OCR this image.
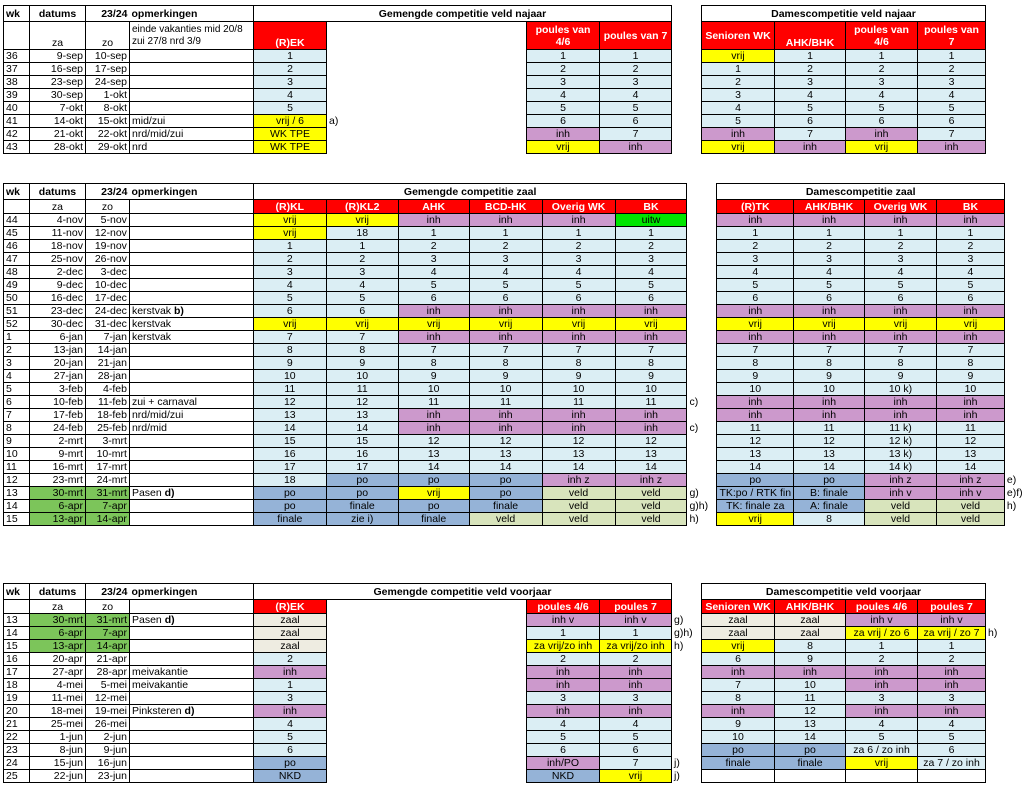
wk	datums	23/24	opmerkingen	Gemengde competitie veld najaar						Damescompetitie veld najaar			
	za	zo	einde vakanties mid 20/8 zui 27/8 nrd 3/9	(R)EK			poules van 4/6	poules van 7		Senioren WK	AHK/BHK	poules van 4/6	poules van 7
36	9-sep	10-sep		1			1	1		vrij	1	1	1
37	16-sep	17-sep		2			2	2		1	2	2	2
38	23-sep	24-sep		3			3	3		2	3	3	3
39	30-sep	1-okt		4			4	4		3	4	4	4
40	7-okt	8-okt		5			5	5		4	5	5	5
41	14-okt	15-okt	mid/zui	vrij / 6	a)		6	6		5	6	6	6
42	21-okt	22-okt	nrd/mid/zui	WK TPE			inh	7		inh	7	inh	7
43	28-okt	29-okt	nrd	WK TPE			vrij	inh		vrij	inh	vrij	inh
wk	datums	23/24	opmerkingen	Gemengde competitie zaal							Damescompetitie zaal				
	za	zo		(R)KL	(R)KL2	AHK	BCD-HK	Overig WK	BK		(R)TK	AHK/BHK	Overig WK	BK	
44	4-nov	5-nov		vrij	vrij	inh	inh	inh	uitw		inh	inh	inh	inh	
45	11-nov	12-nov		vrij	18	1	1	1	1		1	1	1	1	
46	18-nov	19-nov		1	1	2	2	2	2		2	2	2	2	
47	25-nov	26-nov		2	2	3	3	3	3		3	3	3	3	
48	2-dec	3-dec		3	3	4	4	4	4		4	4	4	4	
49	9-dec	10-dec		4	4	5	5	5	5		5	5	5	5	
50	16-dec	17-dec		5	5	6	6	6	6		6	6	6	6	
51	23-dec	24-dec	kerstvak b)	6	6	inh	inh	inh	inh		inh	inh	inh	inh	
52	30-dec	31-dec	kerstvak	vrij	vrij	vrij	vrij	vrij	vrij		vrij	vrij	vrij	vrij	
1	6-jan	7-jan	kerstvak	7	7	inh	inh	inh	inh		inh	inh	inh	inh	
2	13-jan	14-jan		8	8	7	7	7	7		7	7	7	7	
3	20-jan	21-jan		9	9	8	8	8	8		8	8	8	8	
4	27-jan	28-jan		10	10	9	9	9	9		9	9	9	9	
5	3-feb	4-feb		11	11	10	10	10	10		10	10	10 k)	10	
6	10-feb	11-feb	zui + carnaval	12	12	11	11	11	11	c)	inh	inh	inh	inh	
7	17-feb	18-feb	nrd/mid/zui	13	13	inh	inh	inh	inh		inh	inh	inh	inh	
8	24-feb	25-feb	nrd/mid	14	14	inh	inh	inh	inh	c)	11	11	11 k)	11	
9	2-mrt	3-mrt		15	15	12	12	12	12		12	12	12 k)	12	
10	9-mrt	10-mrt		16	16	13	13	13	13		13	13	13 k)	13	
11	16-mrt	17-mrt		17	17	14	14	14	14		14	14	14 k)	14	
12	23-mrt	24-mrt		18	po	po	po	inh z	inh z		po	po	inh z	inh z	e)
13	30-mrt	31-mrt	Pasen d)	po	po	vrij	po	veld	veld	g)	TK:po / RTK fin	B: finale	inh v	inh v	e)f)
14	6-apr	7-apr		po	finale	po	finale	veld	veld	g)h)	TK: finale za	A: finale	veld	veld	h)
15	13-apr	14-apr		finale	zie i)	finale	veld	veld	veld	h)	vrij	8	veld	veld	
wk	datums	23/24	opmerkingen	Gemengde competitie veld voorjaar						Damescompetitie veld voorjaar				
	za	zo		(R)EK			poules 4/6	poules 7		Senioren WK	AHK/BHK	poules 4/6	poules 7	
13	30-mrt	31-mrt	Pasen d)	zaal			inh v	inh v	g)	zaal	zaal	inh v	inh v	
14	6-apr	7-apr		zaal			1	1	g)h)	zaal	zaal	za vrij / zo 6	za vrij / zo 7	h)
15	13-apr	14-apr		zaal			za vrij/zo inh	za vrij/zo inh	h)	vrij	8	1	1	
16	20-apr	21-apr		2			2	2		6	9	2	2	
17	27-apr	28-apr	meivakantie	inh			inh	inh		inh	inh	inh	inh	
18	4-mei	5-mei	meivakantie	1			inh	inh		7	10	inh	inh	
19	11-mei	12-mei		3			3	3		8	11	3	3	
20	18-mei	19-mei	Pinksteren d)	inh			inh	inh		inh	12	inh	inh	
21	25-mei	26-mei		4			4	4		9	13	4	4	
22	1-jun	2-jun		5			5	5		10	14	5	5	
23	8-jun	9-jun		6			6	6		po	po	za 6 / zo inh	6	
24	15-jun	16-jun		po			inh/PO	7	j)	finale	finale	vrij	za 7 / zo inh	
25	22-jun	23-jun		NKD			NKD	vrij	j)					
